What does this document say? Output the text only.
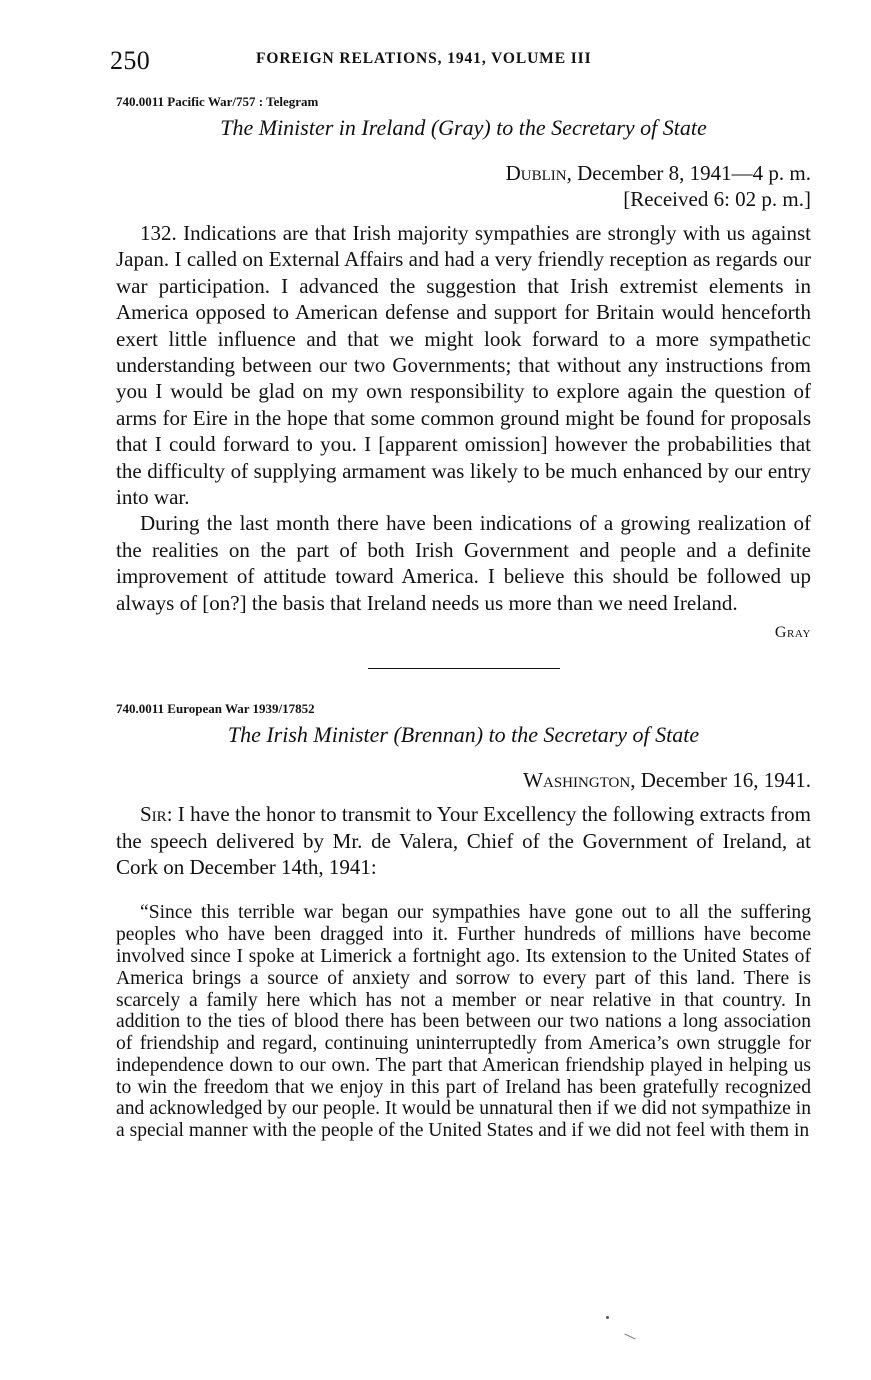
250	FOREIGN RELATIONS, 1941, VOLUME III
740.0011 Pacific War/757 : Telegram
The Minister in Ireland (Gray) to the Secretary of State
Dublin, December 8, 1941—4 p. m.
[Received 6: 02 p. m.]

132. Indications are that Irish majority sympathies are strongly with us against Japan. I called on External Affairs and had a very friendly reception as regards our war participation. I advanced the suggestion that Irish extremist elements in America opposed to American defense and support for Britain would henceforth exert little influence and that we might look forward to a more sympathetic understanding between our two Governments; that without any instructions from you I would be glad on my own responsibility to explore again the question of arms for Eire in the hope that some common ground might be found for proposals that I could forward to you. I [apparent omission] however the probabilities that the difficulty of supplying armament was likely to be much enhanced by our entry into war.

During the last month there have been indications of a growing realization of the realities on the part of both Irish Government and people and a definite improvement of attitude toward America. I believe this should be followed up always of [on?] the basis that Ireland needs us more than we need Ireland.

Gray
740.0011 European War 1939/17852
The Irish Minister (Brennan) to the Secretary of State
Washington, December 16, 1941.

Sir: I have the honor to transmit to Your Excellency the following extracts from the speech delivered by Mr. de Valera, Chief of the Government of Ireland, at Cork on December 14th, 1941:

“Since this terrible war began our sympathies have gone out to all the suffering peoples who have been dragged into it. Further hundreds of millions have become involved since I spoke at Limerick a fortnight ago. Its extension to the United States of America brings a source of anxiety and sorrow to every part of this land. There is scarcely a family here which has not a member or near relative in that country. In addition to the ties of blood there has been between our two nations a long association of friendship and regard, continuing uninterruptedly from America’s own struggle for independence down to our own. The part that American friendship played in helping us to win the freedom that we enjoy in this part of Ireland has been gratefully recognized and acknowledged by our people. It would be unnatural then if we did not sympathize in a special manner with the people of the United States and if we did not feel with them in
